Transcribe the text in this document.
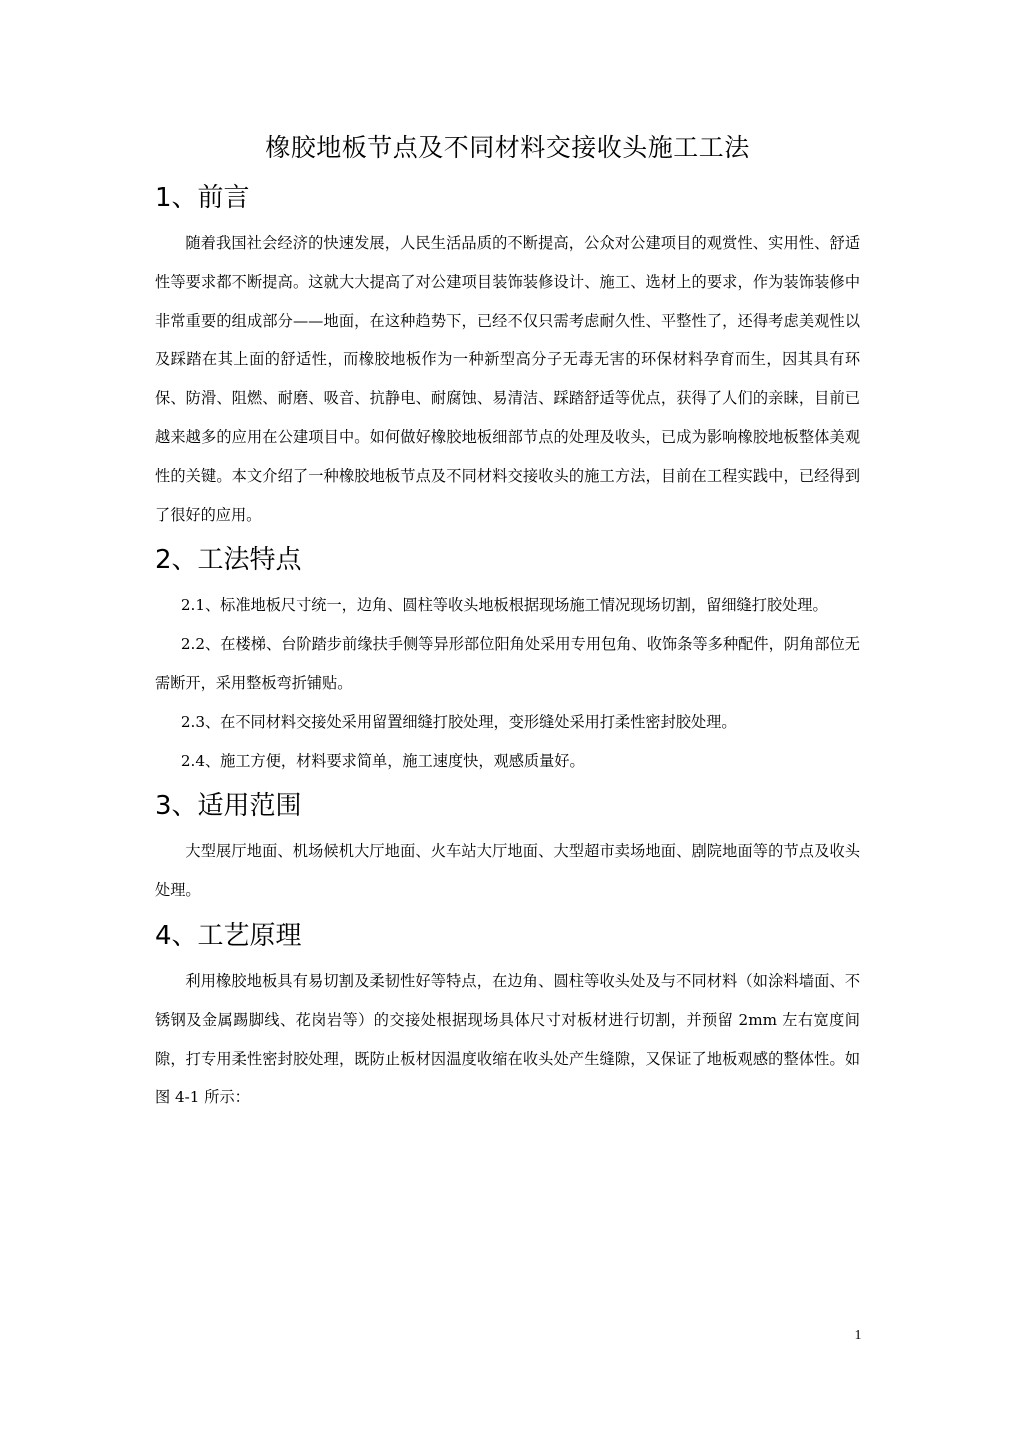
橡胶地板节点及不同材料交接收头施工工法
1、前言

随着我国社会经济的快速发展，人民生活品质的不断提高，公众对公建项目的观赏性、实用性、舒适性等要求都不断提高。这就大大提高了对公建项目装饰装修设计、施工、选材上的要求，作为装饰装修中非常重要的组成部分——地面，在这种趋势下，已经不仅只需考虑耐久性、平整性了，还得考虑美观性以及踩踏在其上面的舒适性，而橡胶地板作为一种新型高分子无毒无害的环保材料孕育而生，因其具有环保、防滑、阻燃、耐磨、吸音、抗静电、耐腐蚀、易清洁、踩踏舒适等优点，获得了人们的亲睐，目前已越来越多的应用在公建项目中。如何做好橡胶地板细部节点的处理及收头，已成为影响橡胶地板整体美观性的关键。本文介绍了一种橡胶地板节点及不同材料交接收头的施工方法，目前在工程实践中，已经得到了很好的应用。

2、工法特点

2.1、标准地板尺寸统一，边角、圆柱等收头地板根据现场施工情况现场切割，留细缝打胶处理。

2.2、在楼梯、台阶踏步前缘扶手侧等异形部位阳角处采用专用包角、收饰条等多种配件，阴角部位无需断开，采用整板弯折铺贴。

2.3、在不同材料交接处采用留置细缝打胶处理，变形缝处采用打柔性密封胶处理。

2.4、施工方便，材料要求简单，施工速度快，观感质量好。

3、适用范围

大型展厅地面、机场候机大厅地面、火车站大厅地面、大型超市卖场地面、剧院地面等的节点及收头处理。

4、工艺原理

利用橡胶地板具有易切割及柔韧性好等特点，在边角、圆柱等收头处及与不同材料（如涂料墙面、不锈钢及金属踢脚线、花岗岩等）的交接处根据现场具体尺寸对板材进行切割，并预留 2mm 左右宽度间隙，打专用柔性密封胶处理，既防止板材因温度收缩在收头处产生缝隙，又保证了地板观感的整体性。如图 4-1 所示：

1
